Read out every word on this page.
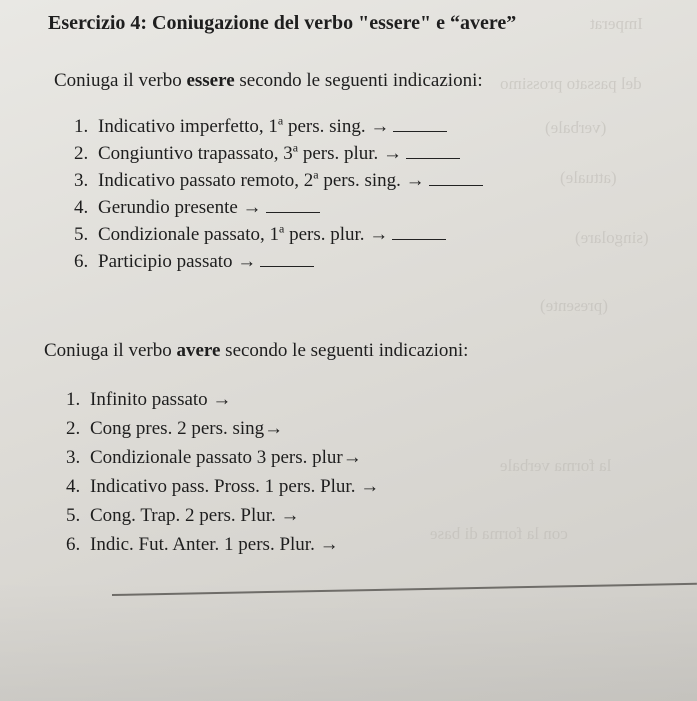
Imperat
del passato prossimo
(verbale)
(attuale)
(singolare)
(presente)
la forma verbale
con la forma di base
Esercizio 4: Coniugazione del verbo "essere" e “avere”
Coniuga il verbo essere secondo le seguenti indicazioni:
1. Indicativo imperfetto, 1$^a$ pers. sing. →
2. Congiuntivo trapassato, 3$^a$ pers. plur. →
3. Indicativo passato remoto, 2$^a$ pers. sing. →
4. Gerundio presente →
5. Condizionale passato, 1$^a$ pers. plur. →
6. Participio passato →
Coniuga il verbo avere secondo le seguenti indicazioni:
1. Infinito passato →
2. Cong pres. 2 pers. sing→
3. Condizionale passato 3 pers. plur→
4. Indicativo pass. Pross. 1 pers. Plur. →
5. Cong. Trap. 2 pers. Plur. →
6. Indic. Fut. Anter. 1 pers. Plur. →
